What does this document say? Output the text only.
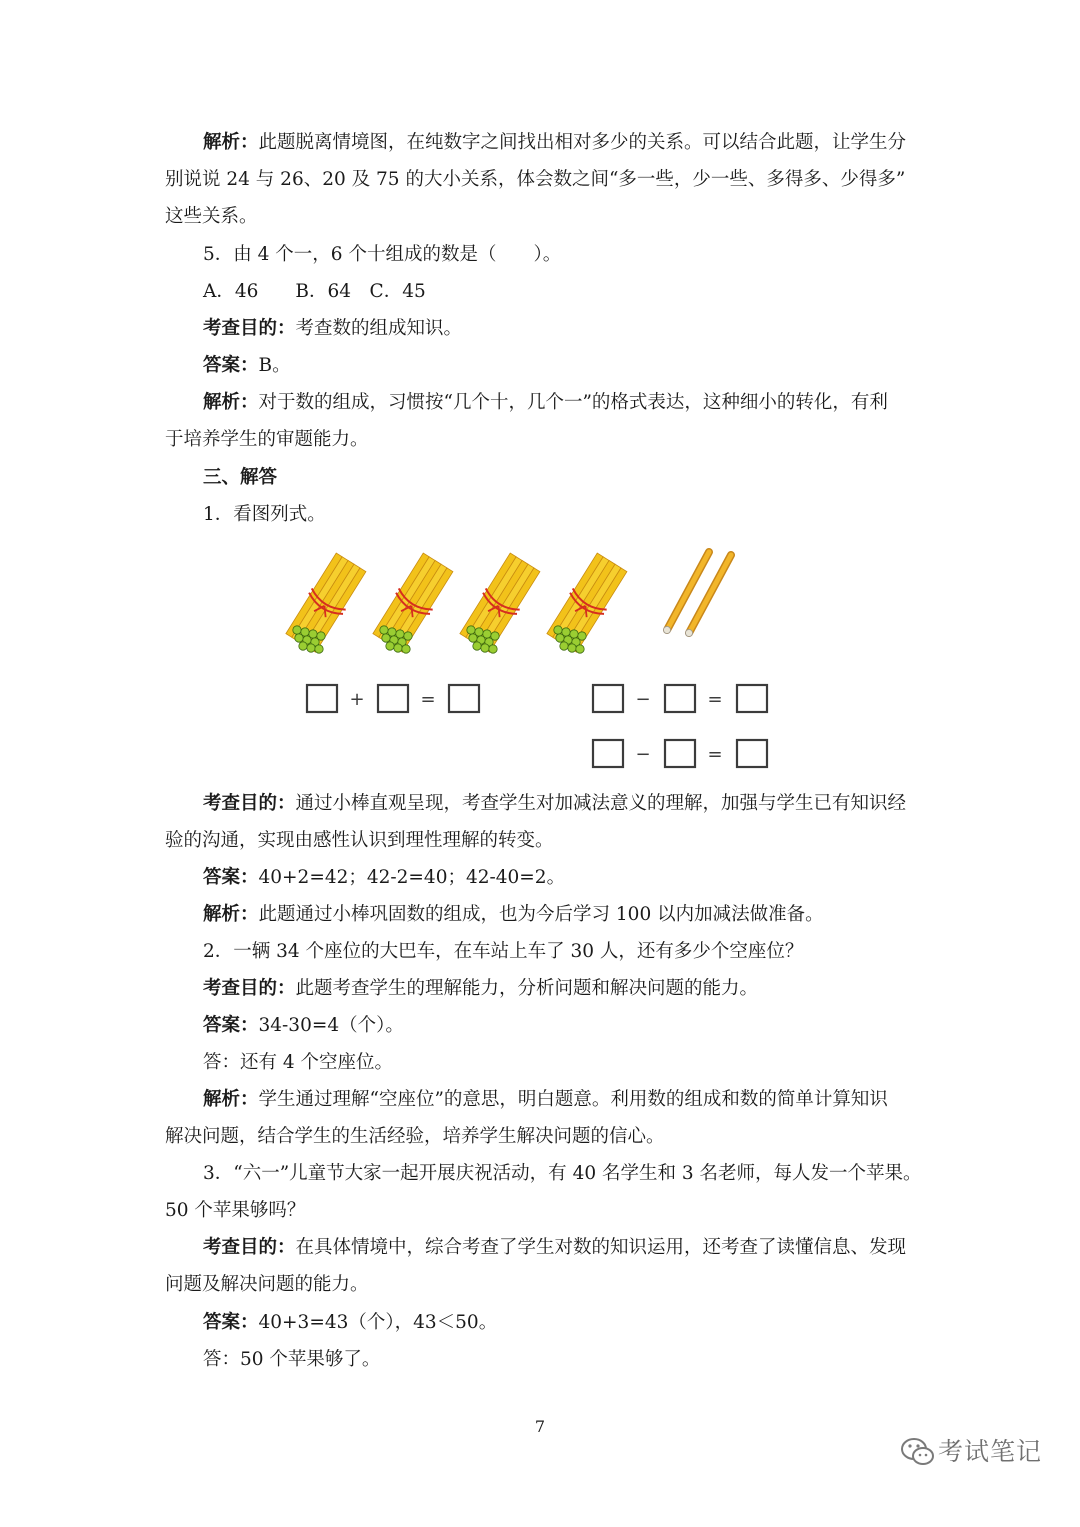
解析：此题脱离情境图，在纯数字之间找出相对多少的关系。可以结合此题，让学生分
别说说 24 与 26、20 及 75 的大小关系，体会数之间“多一些，少一些、多得多、少得多”
这些关系。
5．由 4 个一，6 个十组成的数是（　　）。
A．46　　B．64　C．45
考查目的：考查数的组成知识。
答案：B。
解析：对于数的组成，习惯按“几个十，几个一”的格式表达，这种细小的转化，有利
于培养学生的审题能力。
三、解答
1．看图列式。
+	=	−	=
−	=
考查目的：通过小棒直观呈现，考查学生对加减法意义的理解，加强与学生已有知识经
验的沟通，实现由感性认识到理性理解的转变。
答案：40+2=42；42-2=40；42-40=2。
解析：此题通过小棒巩固数的组成，也为今后学习 100 以内加减法做准备。
2．一辆 34 个座位的大巴车，在车站上车了 30 人，还有多少个空座位？
考查目的：此题考查学生的理解能力，分析问题和解决问题的能力。
答案：34-30=4（个）。
答：还有 4 个空座位。
解析：学生通过理解“空座位”的意思，明白题意。利用数的组成和数的简单计算知识
解决问题，结合学生的生活经验，培养学生解决问题的信心。
3．“六一”儿童节大家一起开展庆祝活动，有 40 名学生和 3 名老师，每人发一个苹果。
50 个苹果够吗？
考查目的：在具体情境中，综合考查了学生对数的知识运用，还考查了读懂信息、发现
问题及解决问题的能力。
答案：40+3=43（个），43＜50。
答：50 个苹果够了。
7
考试笔记
